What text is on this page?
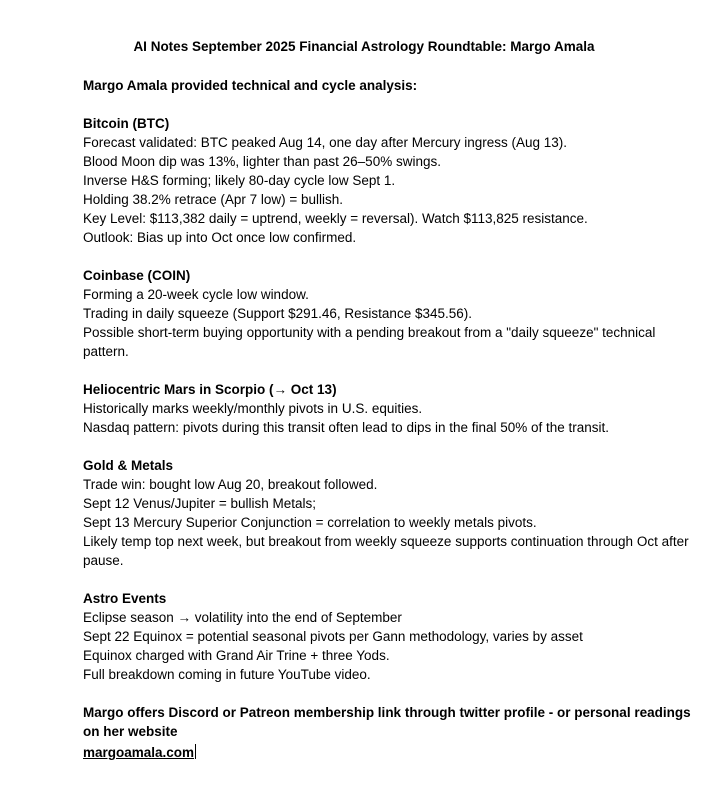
AI Notes September 2025 Financial Astrology Roundtable: Margo Amala
Margo Amala provided technical and cycle analysis:
Bitcoin (BTC)
Forecast validated: BTC peaked Aug 14, one day after Mercury ingress (Aug 13).
Blood Moon dip was 13%, lighter than past 26–50% swings.
Inverse H&S forming; likely 80-day cycle low Sept 1.
Holding 38.2% retrace (Apr 7 low) = bullish.
Key Level: $113,382 daily = uptrend, weekly = reversal). Watch $113,825 resistance.
Outlook: Bias up into Oct once low confirmed.
Coinbase (COIN)
Forming a 20-week cycle low window.
Trading in daily squeeze (Support $291.46, Resistance $345.56).
Possible short-term buying opportunity with a pending breakout from a "daily squeeze" technical pattern.
Heliocentric Mars in Scorpio (→ Oct 13)
Historically marks weekly/monthly pivots in U.S. equities.
Nasdaq pattern: pivots during this transit often lead to dips in the final 50% of the transit.
Gold & Metals
Trade win: bought low Aug 20, breakout followed.
Sept 12 Venus/Jupiter = bullish Metals;
Sept 13 Mercury Superior Conjunction = correlation to weekly metals pivots.
Likely temp top next week, but breakout from weekly squeeze supports continuation through Oct after pause.
Astro Events
Eclipse season → volatility into the end of September
Sept 22 Equinox = potential seasonal pivots per Gann methodology, varies by asset
Equinox charged with Grand Air Trine + three Yods.
Full breakdown coming in future YouTube video.
Margo offers Discord or Patreon membership link through twitter profile - or personal readings on her website
margoamala.com
